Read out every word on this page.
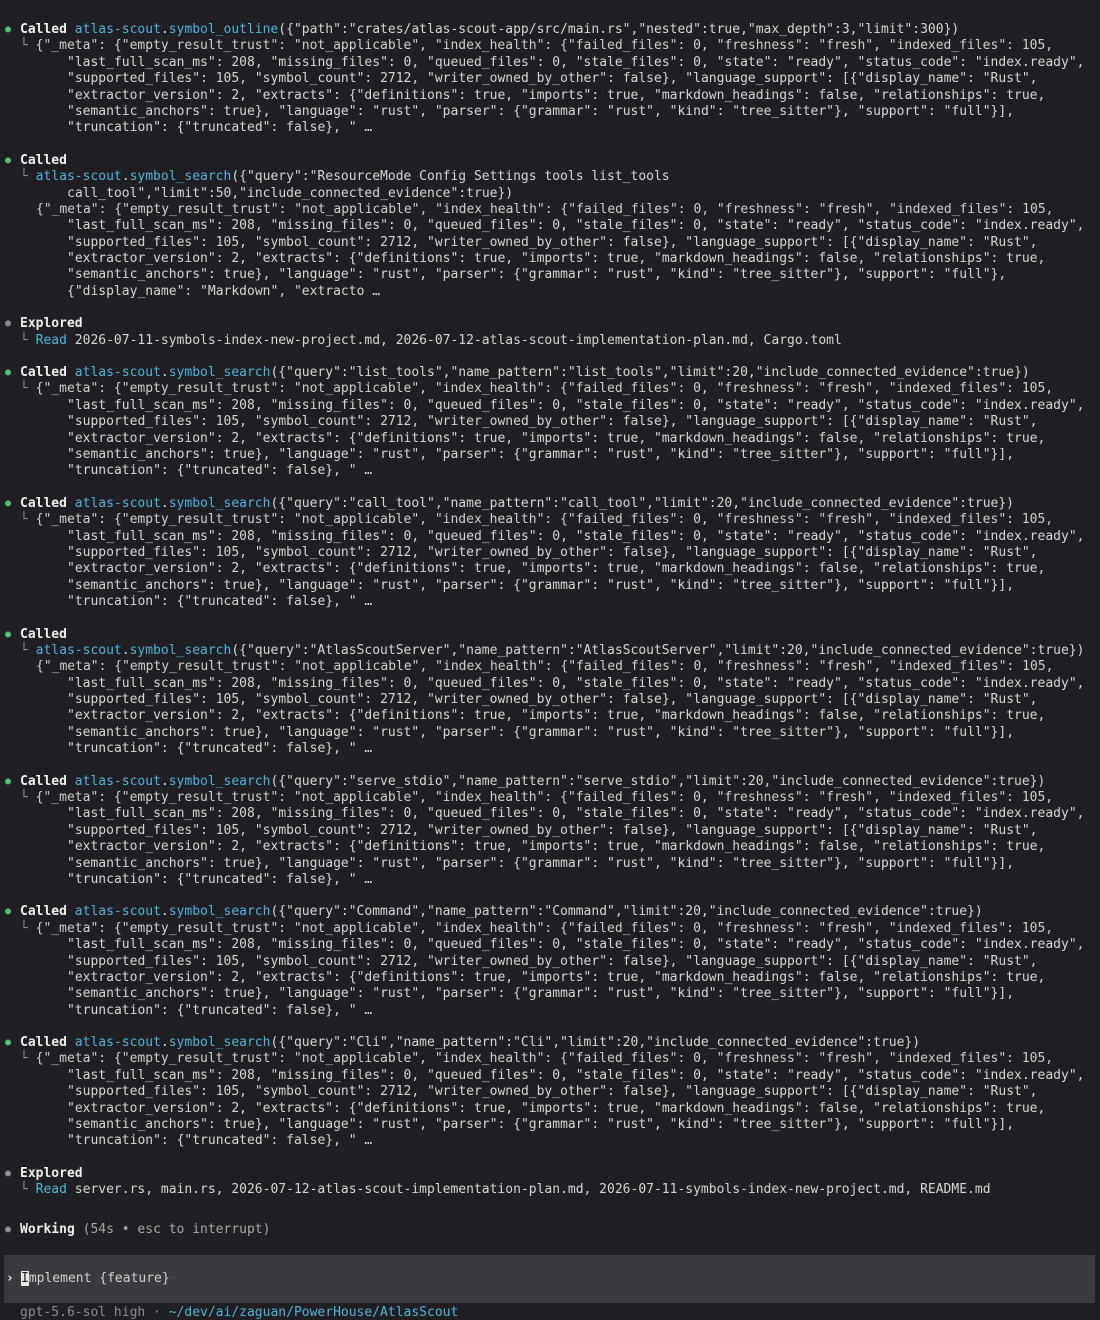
● Called atlas-scout.symbol_outline({"path":"crates/atlas-scout-app/src/main.rs","nested":true,"max_depth":3,"limit":300})
└ {"_meta": {"empty_result_trust": "not_applicable", "index_health": {"failed_files": 0, "freshness": "fresh", "indexed_files": 105,
"last_full_scan_ms": 208, "missing_files": 0, "queued_files": 0, "stale_files": 0, "state": "ready", "status_code": "index.ready",
"supported_files": 105, "symbol_count": 2712, "writer_owned_by_other": false}, "language_support": [{"display_name": "Rust",
"extractor_version": 2, "extracts": {"definitions": true, "imports": true, "markdown_headings": false, "relationships": true,
"semantic_anchors": true}, "language": "rust", "parser": {"grammar": "rust", "kind": "tree_sitter"}, "support": "full"}],
"truncation": {"truncated": false}, " …
● Called
└ atlas-scout.symbol_search({"query":"ResourceMode Config Settings tools list_tools
call_tool","limit":50,"include_connected_evidence":true})
{"_meta": {"empty_result_trust": "not_applicable", "index_health": {"failed_files": 0, "freshness": "fresh", "indexed_files": 105,
"last_full_scan_ms": 208, "missing_files": 0, "queued_files": 0, "stale_files": 0, "state": "ready", "status_code": "index.ready",
"supported_files": 105, "symbol_count": 2712, "writer_owned_by_other": false}, "language_support": [{"display_name": "Rust",
"extractor_version": 2, "extracts": {"definitions": true, "imports": true, "markdown_headings": false, "relationships": true,
"semantic_anchors": true}, "language": "rust", "parser": {"grammar": "rust", "kind": "tree_sitter"}, "support": "full"},
{"display_name": "Markdown", "extracto …
● Explored
└ Read 2026-07-11-symbols-index-new-project.md, 2026-07-12-atlas-scout-implementation-plan.md, Cargo.toml
● Called atlas-scout.symbol_search({"query":"list_tools","name_pattern":"list_tools","limit":20,"include_connected_evidence":true})
└ {"_meta": {"empty_result_trust": "not_applicable", "index_health": {"failed_files": 0, "freshness": "fresh", "indexed_files": 105,
"last_full_scan_ms": 208, "missing_files": 0, "queued_files": 0, "stale_files": 0, "state": "ready", "status_code": "index.ready",
"supported_files": 105, "symbol_count": 2712, "writer_owned_by_other": false}, "language_support": [{"display_name": "Rust",
"extractor_version": 2, "extracts": {"definitions": true, "imports": true, "markdown_headings": false, "relationships": true,
"semantic_anchors": true}, "language": "rust", "parser": {"grammar": "rust", "kind": "tree_sitter"}, "support": "full"}],
"truncation": {"truncated": false}, " …
● Called atlas-scout.symbol_search({"query":"call_tool","name_pattern":"call_tool","limit":20,"include_connected_evidence":true})
└ {"_meta": {"empty_result_trust": "not_applicable", "index_health": {"failed_files": 0, "freshness": "fresh", "indexed_files": 105,
"last_full_scan_ms": 208, "missing_files": 0, "queued_files": 0, "stale_files": 0, "state": "ready", "status_code": "index.ready",
"supported_files": 105, "symbol_count": 2712, "writer_owned_by_other": false}, "language_support": [{"display_name": "Rust",
"extractor_version": 2, "extracts": {"definitions": true, "imports": true, "markdown_headings": false, "relationships": true,
"semantic_anchors": true}, "language": "rust", "parser": {"grammar": "rust", "kind": "tree_sitter"}, "support": "full"}],
"truncation": {"truncated": false}, " …
● Called
└ atlas-scout.symbol_search({"query":"AtlasScoutServer","name_pattern":"AtlasScoutServer","limit":20,"include_connected_evidence":true})
{"_meta": {"empty_result_trust": "not_applicable", "index_health": {"failed_files": 0, "freshness": "fresh", "indexed_files": 105,
"last_full_scan_ms": 208, "missing_files": 0, "queued_files": 0, "stale_files": 0, "state": "ready", "status_code": "index.ready",
"supported_files": 105, "symbol_count": 2712, "writer_owned_by_other": false}, "language_support": [{"display_name": "Rust",
"extractor_version": 2, "extracts": {"definitions": true, "imports": true, "markdown_headings": false, "relationships": true,
"semantic_anchors": true}, "language": "rust", "parser": {"grammar": "rust", "kind": "tree_sitter"}, "support": "full"}],
"truncation": {"truncated": false}, " …
● Called atlas-scout.symbol_search({"query":"serve_stdio","name_pattern":"serve_stdio","limit":20,"include_connected_evidence":true})
└ {"_meta": {"empty_result_trust": "not_applicable", "index_health": {"failed_files": 0, "freshness": "fresh", "indexed_files": 105,
"last_full_scan_ms": 208, "missing_files": 0, "queued_files": 0, "stale_files": 0, "state": "ready", "status_code": "index.ready",
"supported_files": 105, "symbol_count": 2712, "writer_owned_by_other": false}, "language_support": [{"display_name": "Rust",
"extractor_version": 2, "extracts": {"definitions": true, "imports": true, "markdown_headings": false, "relationships": true,
"semantic_anchors": true}, "language": "rust", "parser": {"grammar": "rust", "kind": "tree_sitter"}, "support": "full"}],
"truncation": {"truncated": false}, " …
● Called atlas-scout.symbol_search({"query":"Command","name_pattern":"Command","limit":20,"include_connected_evidence":true})
└ {"_meta": {"empty_result_trust": "not_applicable", "index_health": {"failed_files": 0, "freshness": "fresh", "indexed_files": 105,
"last_full_scan_ms": 208, "missing_files": 0, "queued_files": 0, "stale_files": 0, "state": "ready", "status_code": "index.ready",
"supported_files": 105, "symbol_count": 2712, "writer_owned_by_other": false}, "language_support": [{"display_name": "Rust",
"extractor_version": 2, "extracts": {"definitions": true, "imports": true, "markdown_headings": false, "relationships": true,
"semantic_anchors": true}, "language": "rust", "parser": {"grammar": "rust", "kind": "tree_sitter"}, "support": "full"}],
"truncation": {"truncated": false}, " …
● Called atlas-scout.symbol_search({"query":"Cli","name_pattern":"Cli","limit":20,"include_connected_evidence":true})
└ {"_meta": {"empty_result_trust": "not_applicable", "index_health": {"failed_files": 0, "freshness": "fresh", "indexed_files": 105,
"last_full_scan_ms": 208, "missing_files": 0, "queued_files": 0, "stale_files": 0, "state": "ready", "status_code": "index.ready",
"supported_files": 105, "symbol_count": 2712, "writer_owned_by_other": false}, "language_support": [{"display_name": "Rust",
"extractor_version": 2, "extracts": {"definitions": true, "imports": true, "markdown_headings": false, "relationships": true,
"semantic_anchors": true}, "language": "rust", "parser": {"grammar": "rust", "kind": "tree_sitter"}, "support": "full"}],
"truncation": {"truncated": false}, " …
● Explored
└ Read server.rs, main.rs, 2026-07-12-atlas-scout-implementation-plan.md, 2026-07-11-symbols-index-new-project.md, README.md
● Working (54s • esc to interrupt)
› Implement {feature}
gpt-5.6-sol high · ~/dev/ai/zaguan/PowerHouse/AtlasScout
